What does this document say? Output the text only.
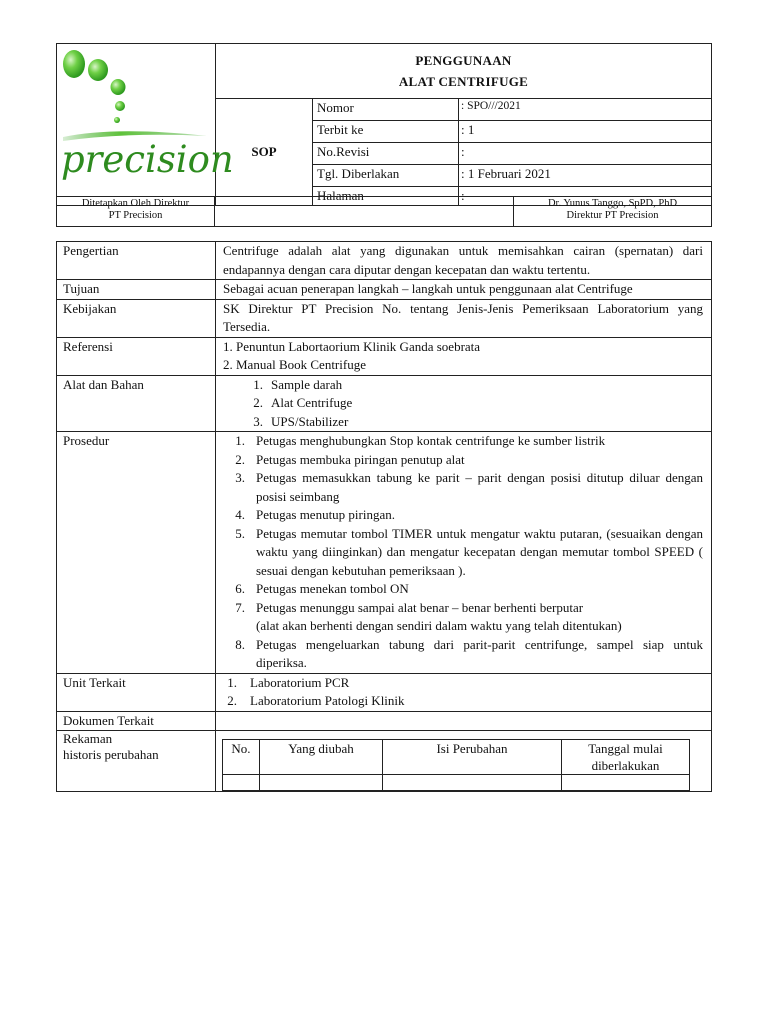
precision	PENGGUNAAN
ALAT CENTRIFUGE		

	SOP	Nomor	: SPO///2021
		Terbit ke	: 1
		No.Revisi	:
		Tgl. Diberlakan	: 1 Februari 2021
		Halaman	:
Ditetapkan Oleh Direktur
PT Precision

Dr. Yunus Tanggo, SpPD, PhD
Direktur PT Precision
Pengertian	Centrifuge adalah alat yang digunakan untuk memisahkan cairan (spernatan) dari endapannya dengan cara diputar dengan kecepatan dan waktu tertentu.
Tujuan	Sebagai acuan penerapan langkah – langkah untuk penggunaan alat Centrifuge
Kebijakan	SK Direktur PT Precision No. tentang Jenis-Jenis Pemeriksaan Laboratorium yang Tersedia.
Referensi	1. Penuntun Labortaorium Klinik Ganda soebrata
2. Manual Book Centrifuge

Alat dan Bahan	1. Sample darah
2. Alat Centrifuge
3. UPS/Stabilizer

Prosedur	1. Petugas menghubungkan Stop kontak centrifunge ke sumber listrik
2. Petugas membuka piringan penutup alat
3. Petugas memasukkan tabung ke parit – parit dengan posisi ditutup diluar dengan posisi seimbang
4. Petugas menutup piringan.
5. Petugas memutar tombol TIMER untuk mengatur waktu putaran, (sesuaikan dengan waktu yang diinginkan) dan mengatur kecepatan dengan memutar tombol SPEED ( sesuai dengan kebutuhan pemeriksaan ).
6. Petugas menekan tombol ON
7. Petugas menunggu sampai alat benar – benar berhenti berputar
(alat akan berhenti dengan sendiri dalam waktu yang telah ditentukan)
8. Petugas mengeluarkan tabung dari parit-parit centrifunge, sampel siap untuk diperiksa.

Unit Terkait	1.	Laboratorium PCR
2.	Laboratorium Patologi Klinik

Dokumen Terkait	

Rekaman
historis perubahan
		No.	Yang diubah	Isi Perubahan	Tanggal mulai diberlakukan
